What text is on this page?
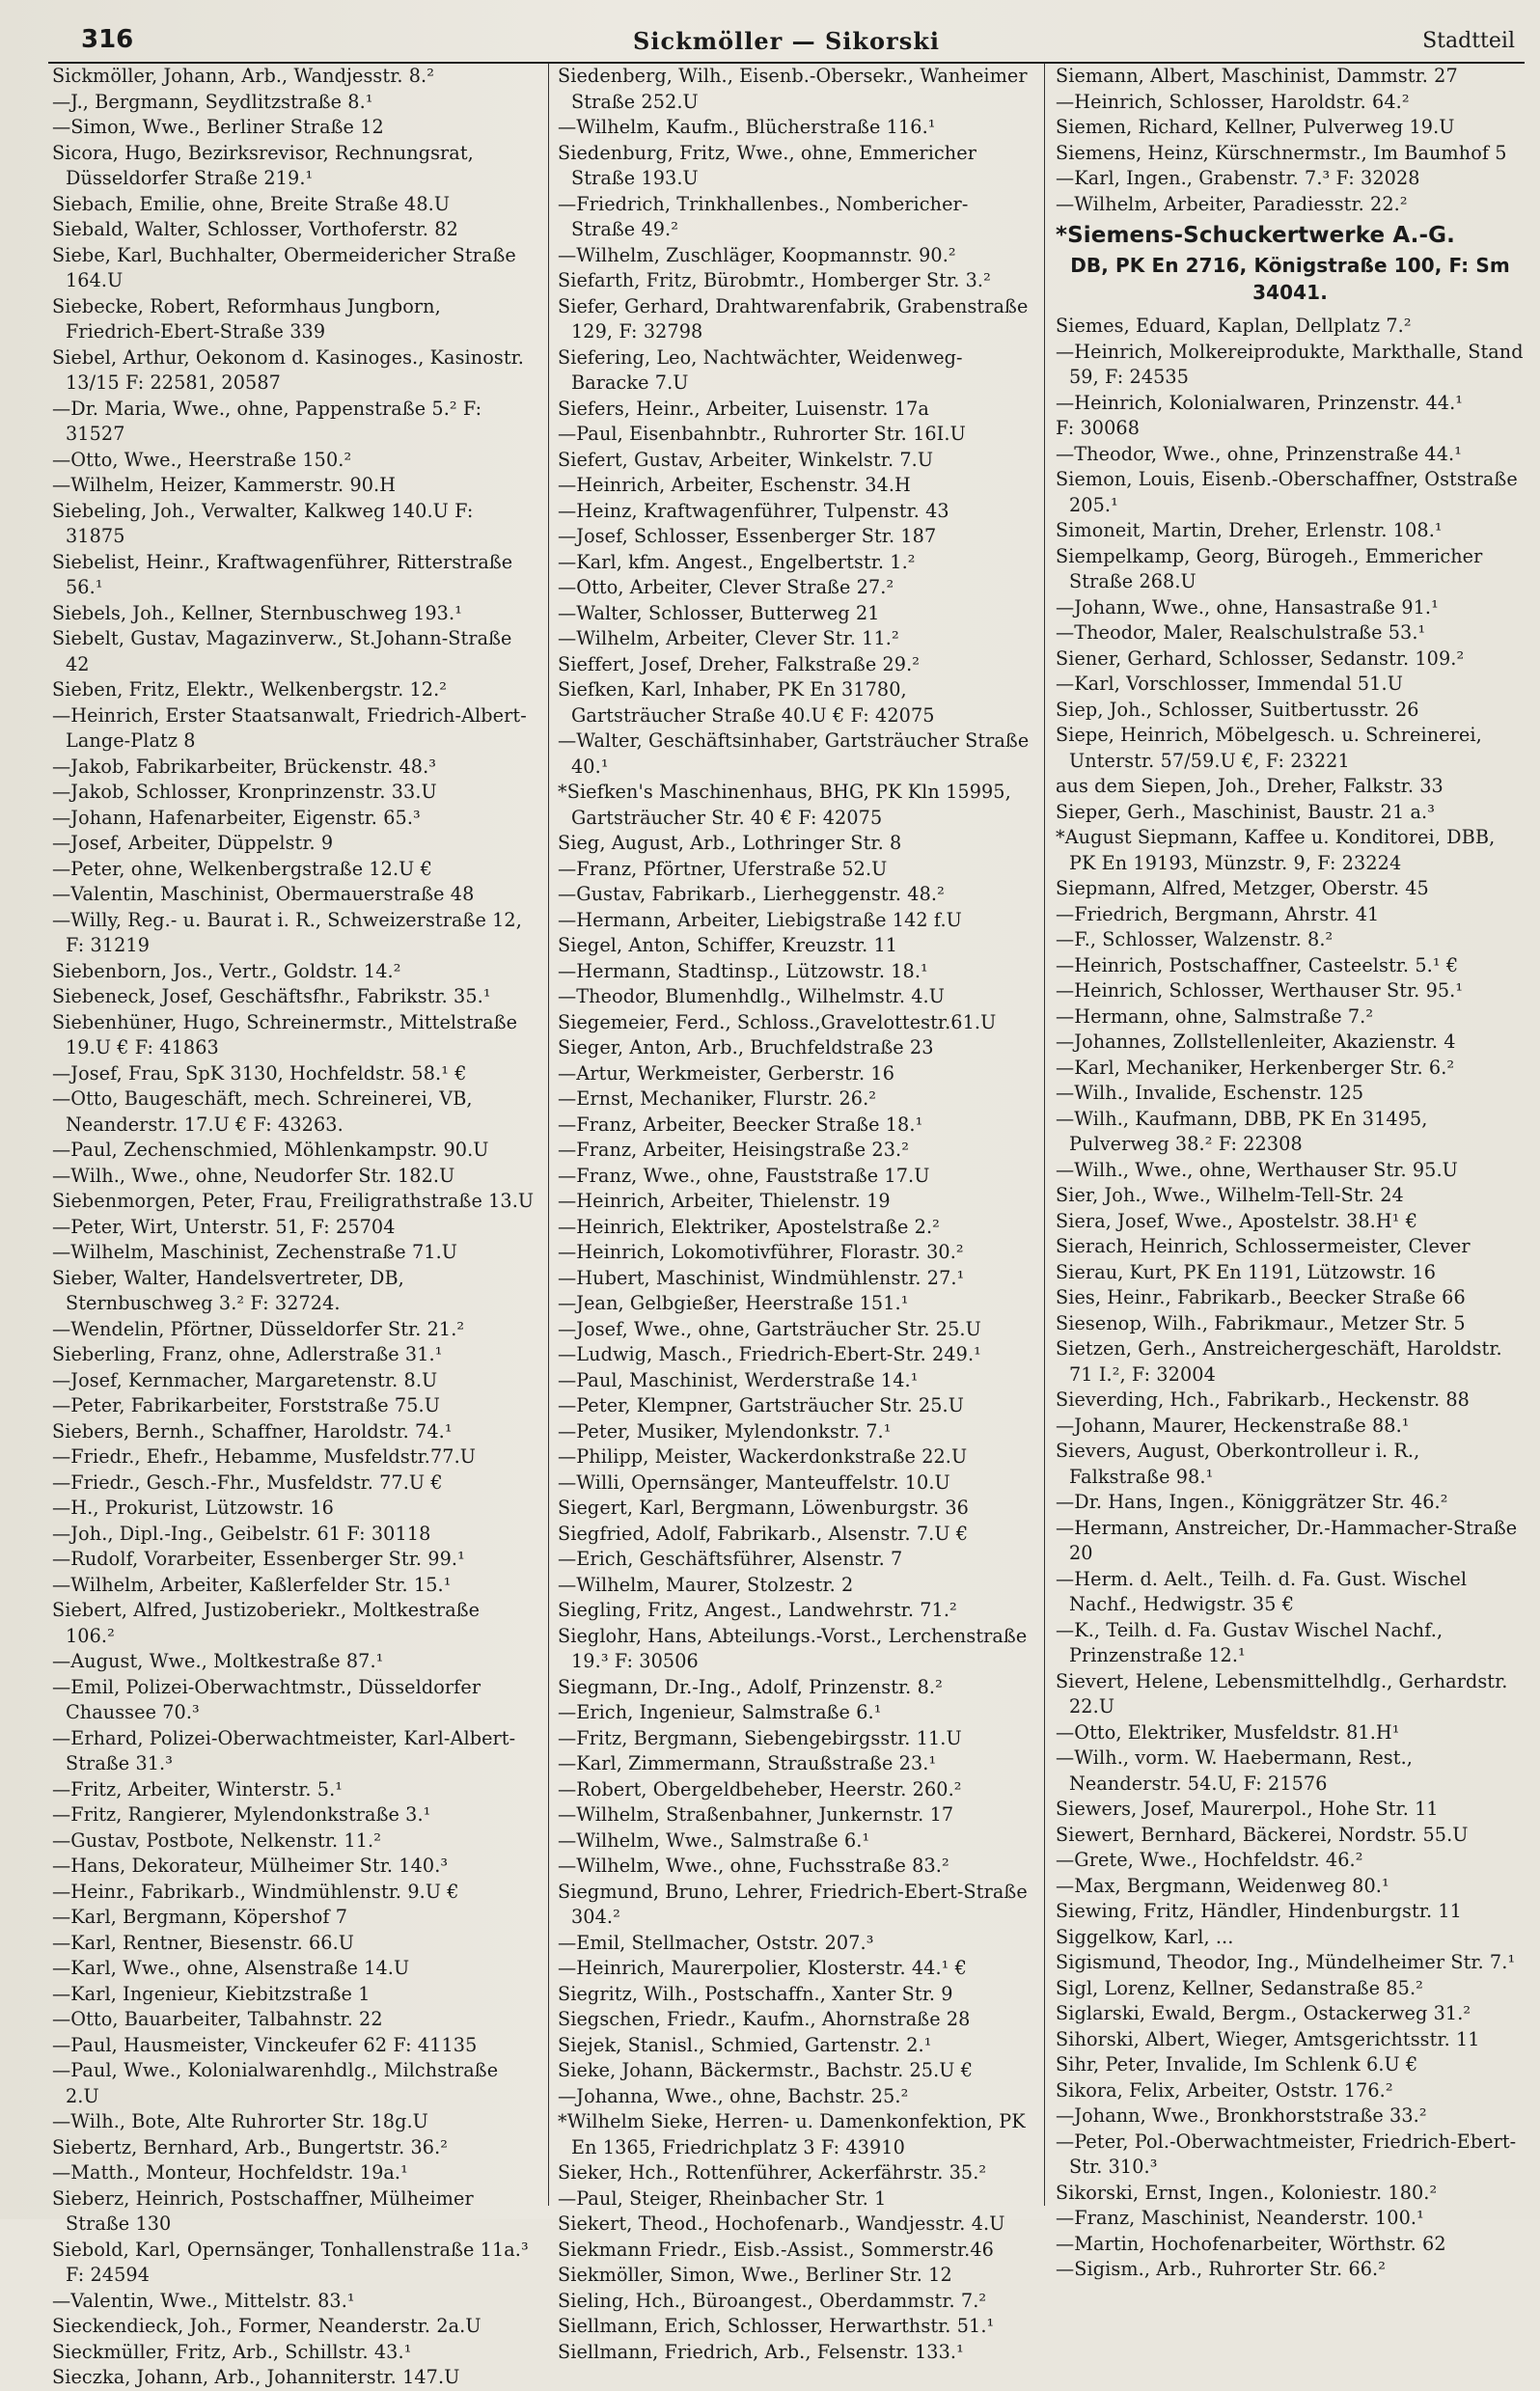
316	Sickmöller — Sikorski	Stadtteil
Sickmöller, Johann, Arb., Wandjesstr. 8.²
—J., Bergmann, Seydlitzstraße 8.¹
—Simon, Wwe., Berliner Straße 12
Sicora, Hugo, Bezirksrevisor, Rechnungsrat, Düsseldorfer Straße 219.¹
Siebach, Emilie, ohne, Breite Straße 48.U
Siebald, Walter, Schlosser, Vorthoferstr. 82
Siebe, Karl, Buchhalter, Obermeidericher Straße 164.U
Siebecke, Robert, Reformhaus Jungborn, Friedrich-Ebert-Straße 339
Siebel, Arthur, Oekonom d. Kasinoges., Kasinostr. 13/15 F: 22581, 20587
—Dr. Maria, Wwe., ohne, Pappenstraße 5.² F: 31527
—Otto, Wwe., Heerstraße 150.²
—Wilhelm, Heizer, Kammerstr. 90.H
Siebeling, Joh., Verwalter, Kalkweg 140.U F: 31875
Siebelist, Heinr., Kraftwagenführer, Ritterstraße 56.¹
Siebels, Joh., Kellner, Sternbuschweg 193.¹
Siebelt, Gustav, Magazinverw., St.Johann-Straße 42
Sieben, Fritz, Elektr., Welkenbergstr. 12.²
—Heinrich, Erster Staatsanwalt, Friedrich-Albert-Lange-Platz 8
—Jakob, Fabrikarbeiter, Brückenstr. 48.³
—Jakob, Schlosser, Kronprinzenstr. 33.U
—Johann, Hafenarbeiter, Eigenstr. 65.³
—Josef, Arbeiter, Düppelstr. 9
—Peter, ohne, Welkenbergstraße 12.U €
—Valentin, Maschinist, Obermauerstraße 48
—Willy, Reg.- u. Baurat i. R., Schweizerstraße 12, F: 31219
Siebenborn, Jos., Vertr., Goldstr. 14.²
Siebeneck, Josef, Geschäftsfhr., Fabrikstr. 35.¹
Siebenhüner, Hugo, Schreinermstr., Mittelstraße 19.U € F: 41863
—Josef, Frau, SpK 3130, Hochfeldstr. 58.¹ €
—Otto, Baugeschäft, mech. Schreinerei, VB, Neanderstr. 17.U € F: 43263.
—Paul, Zechenschmied, Möhlenkampstr. 90.U
—Wilh., Wwe., ohne, Neudorfer Str. 182.U
Siebenmorgen, Peter, Frau, Freiligrathstraße 13.U
—Peter, Wirt, Unterstr. 51, F: 25704
—Wilhelm, Maschinist, Zechenstraße 71.U
Sieber, Walter, Handelsvertreter, DB, Sternbuschweg 3.² F: 32724.
—Wendelin, Pförtner, Düsseldorfer Str. 21.²
Sieberling, Franz, ohne, Adlerstraße 31.¹
—Josef, Kernmacher, Margaretenstr. 8.U
—Peter, Fabrikarbeiter, Forststraße 75.U
Siebers, Bernh., Schaffner, Haroldstr. 74.¹
—Friedr., Ehefr., Hebamme, Musfeldstr.77.U
—Friedr., Gesch.-Fhr., Musfeldstr. 77.U €
—H., Prokurist, Lützowstr. 16
—Joh., Dipl.-Ing., Geibelstr. 61 F: 30118
—Rudolf, Vorarbeiter, Essenberger Str. 99.¹
—Wilhelm, Arbeiter, Kaßlerfelder Str. 15.¹
Siebert, Alfred, Justizoberiekr., Moltkestraße 106.²
—August, Wwe., Moltkestraße 87.¹
—Emil, Polizei-Oberwachtmstr., Düsseldorfer Chaussee 70.³
—Erhard, Polizei-Oberwachtmeister, Karl-Albert-Straße 31.³
—Fritz, Arbeiter, Winterstr. 5.¹
—Fritz, Rangierer, Mylendonkstraße 3.¹
—Gustav, Postbote, Nelkenstr. 11.²
—Hans, Dekorateur, Mülheimer Str. 140.³
—Heinr., Fabrikarb., Windmühlenstr. 9.U €
—Karl, Bergmann, Köpershof 7
—Karl, Rentner, Biesenstr. 66.U
—Karl, Wwe., ohne, Alsenstraße 14.U
—Karl, Ingenieur, Kiebitzstraße 1
—Otto, Bauarbeiter, Talbahnstr. 22
—Paul, Hausmeister, Vinckeufer 62 F: 41135
—Paul, Wwe., Kolonialwarenhdlg., Milchstraße 2.U
—Wilh., Bote, Alte Ruhrorter Str. 18g.U
Siebertz, Bernhard, Arb., Bungertstr. 36.²
—Matth., Monteur, Hochfeldstr. 19a.¹
Sieberz, Heinrich, Postschaffner, Mülheimer Straße 130
Siebold, Karl, Opernsänger, Tonhallenstraße 11a.³ F: 24594
—Valentin, Wwe., Mittelstr. 83.¹
Sieckendieck, Joh., Former, Neanderstr. 2a.U
Sieckmüller, Fritz, Arb., Schillstr. 43.¹
Sieczka, Johann, Arb., Johanniterstr. 147.U
Siedenberg, Wilh., Eisenb.-Obersekr., Wanheimer Straße 252.U
—Wilhelm, Kaufm., Blücherstraße 116.¹
Siedenburg, Fritz, Wwe., ohne, Emmericher Straße 193.U
—Friedrich, Trinkhallenbes., Nombericher-Straße 49.²
—Wilhelm, Zuschläger, Koopmannstr. 90.²
Siefarth, Fritz, Bürobmtr., Homberger Str. 3.²
Siefer, Gerhard, Drahtwarenfabrik, Grabenstraße 129, F: 32798
Siefering, Leo, Nachtwächter, Weidenweg-Baracke 7.U
Siefers, Heinr., Arbeiter, Luisenstr. 17a
—Paul, Eisenbahnbtr., Ruhrorter Str. 16I.U
Siefert, Gustav, Arbeiter, Winkelstr. 7.U
—Heinrich, Arbeiter, Eschenstr. 34.H
—Heinz, Kraftwagenführer, Tulpenstr. 43
—Josef, Schlosser, Essenberger Str. 187
—Karl, kfm. Angest., Engelbertstr. 1.²
—Otto, Arbeiter, Clever Straße 27.²
—Walter, Schlosser, Butterweg 21
—Wilhelm, Arbeiter, Clever Str. 11.²
Sieffert, Josef, Dreher, Falkstraße 29.²
Siefken, Karl, Inhaber, PK En 31780, Gartsträucher Straße 40.U € F: 42075
—Walter, Geschäftsinhaber, Gartsträucher Straße 40.¹
*Siefken's Maschinenhaus, BHG, PK Kln 15995, Gartsträucher Str. 40 € F: 42075
Sieg, August, Arb., Lothringer Str. 8
—Franz, Pförtner, Uferstraße 52.U
—Gustav, Fabrikarb., Lierheggenstr. 48.²
—Hermann, Arbeiter, Liebigstraße 142 f.U
Siegel, Anton, Schiffer, Kreuzstr. 11
—Hermann, Stadtinsp., Lützowstr. 18.¹
—Theodor, Blumenhdlg., Wilhelmstr. 4.U
Siegemeier, Ferd., Schloss.,Gravelottestr.61.U
Sieger, Anton, Arb., Bruchfeldstraße 23
—Artur, Werkmeister, Gerberstr. 16
—Ernst, Mechaniker, Flurstr. 26.²
—Franz, Arbeiter, Beecker Straße 18.¹
—Franz, Arbeiter, Heisingstraße 23.²
—Franz, Wwe., ohne, Fauststraße 17.U
—Heinrich, Arbeiter, Thielenstr. 19
—Heinrich, Elektriker, Apostelstraße 2.²
—Heinrich, Lokomotivführer, Florastr. 30.²
—Hubert, Maschinist, Windmühlenstr. 27.¹
—Jean, Gelbgießer, Heerstraße 151.¹
—Josef, Wwe., ohne, Gartsträucher Str. 25.U
—Ludwig, Masch., Friedrich-Ebert-Str. 249.¹
—Paul, Maschinist, Werderstraße 14.¹
—Peter, Klempner, Gartsträucher Str. 25.U
—Peter, Musiker, Mylendonkstr. 7.¹
—Philipp, Meister, Wackerdonkstraße 22.U
—Willi, Opernsänger, Manteuffelstr. 10.U
Siegert, Karl, Bergmann, Löwenburgstr. 36
Siegfried, Adolf, Fabrikarb., Alsenstr. 7.U €
—Erich, Geschäftsführer, Alsenstr. 7
—Wilhelm, Maurer, Stolzestr. 2
Siegling, Fritz, Angest., Landwehrstr. 71.²
Sieglohr, Hans, Abteilungs.-Vorst., Lerchenstraße 19.³ F: 30506
Siegmann, Dr.-Ing., Adolf, Prinzenstr. 8.²
—Erich, Ingenieur, Salmstraße 6.¹
—Fritz, Bergmann, Siebengebirgsstr. 11.U
—Karl, Zimmermann, Straußstraße 23.¹
—Robert, Obergeldbeheber, Heerstr. 260.²
—Wilhelm, Straßenbahner, Junkernstr. 17
—Wilhelm, Wwe., Salmstraße 6.¹
—Wilhelm, Wwe., ohne, Fuchsstraße 83.²
Siegmund, Bruno, Lehrer, Friedrich-Ebert-Straße 304.²
—Emil, Stellmacher, Oststr. 207.³
—Heinrich, Maurerpolier, Klosterstr. 44.¹ €
Siegritz, Wilh., Postschaffn., Xanter Str. 9
Siegschen, Friedr., Kaufm., Ahornstraße 28
Siejek, Stanisl., Schmied, Gartenstr. 2.¹
Sieke, Johann, Bäckermstr., Bachstr. 25.U €
—Johanna, Wwe., ohne, Bachstr. 25.²
*Wilhelm Sieke, Herren- u. Damenkonfektion, PK En 1365, Friedrichplatz 3 F: 43910
Sieker, Hch., Rottenführer, Ackerfährstr. 35.²
—Paul, Steiger, Rheinbacher Str. 1
Siekert, Theod., Hochofenarb., Wandjesstr. 4.U
Siekmann Friedr., Eisb.-Assist., Sommerstr.46
Siekmöller, Simon, Wwe., Berliner Str. 12
Sieling, Hch., Büroangest., Oberdammstr. 7.²
Siellmann, Erich, Schlosser, Herwarthstr. 51.¹
Siellmann, Friedrich, Arb., Felsenstr. 133.¹
Siemann, Albert, Maschinist, Dammstr. 27
—Heinrich, Schlosser, Haroldstr. 64.²
Siemen, Richard, Kellner, Pulverweg 19.U
Siemens, Heinz, Kürschnermstr., Im Baumhof 5
—Karl, Ingen., Grabenstr. 7.³ F: 32028
—Wilhelm, Arbeiter, Paradiesstr. 22.²
*Siemens-Schuckertwerke A.-G.
DB, PK En 2716, Königstraße 100, F: Sm 34041.
Siemes, Eduard, Kaplan, Dellplatz 7.²
—Heinrich, Molkereiprodukte, Markthalle, Stand 59, F: 24535
—Heinrich, Kolonialwaren, Prinzenstr. 44.¹
F: 30068
—Theodor, Wwe., ohne, Prinzenstraße 44.¹
Siemon, Louis, Eisenb.-Oberschaffner, Oststraße 205.¹
Simoneit, Martin, Dreher, Erlenstr. 108.¹
Siempelkamp, Georg, Bürogeh., Emmericher Straße 268.U
—Johann, Wwe., ohne, Hansastraße 91.¹
—Theodor, Maler, Realschulstraße 53.¹
Siener, Gerhard, Schlosser, Sedanstr. 109.²
—Karl, Vorschlosser, Immendal 51.U
Siep, Joh., Schlosser, Suitbertusstr. 26
Siepe, Heinrich, Möbelgesch. u. Schreinerei, Unterstr. 57/59.U €, F: 23221
aus dem Siepen, Joh., Dreher, Falkstr. 33
Sieper, Gerh., Maschinist, Baustr. 21 a.³
*August Siepmann, Kaffee u. Konditorei, DBB, PK En 19193, Münzstr. 9, F: 23224
Siepmann, Alfred, Metzger, Oberstr. 45
—Friedrich, Bergmann, Ahrstr. 41
—F., Schlosser, Walzenstr. 8.²
—Heinrich, Postschaffner, Casteelstr. 5.¹ €
—Heinrich, Schlosser, Werthauser Str. 95.¹
—Hermann, ohne, Salmstraße 7.²
—Johannes, Zollstellenleiter, Akazienstr. 4
—Karl, Mechaniker, Herkenberger Str. 6.²
—Wilh., Invalide, Eschenstr. 125
—Wilh., Kaufmann, DBB, PK En 31495, Pulverweg 38.² F: 22308
—Wilh., Wwe., ohne, Werthauser Str. 95.U
Sier, Joh., Wwe., Wilhelm-Tell-Str. 24
Siera, Josef, Wwe., Apostelstr. 38.H¹ €
Sierach, Heinrich, Schlossermeister, Clever
Sierau, Kurt, PK En 1191, Lützowstr. 16
Sies, Heinr., Fabrikarb., Beecker Straße 66
Siesenop, Wilh., Fabrikmaur., Metzer Str. 5
Sietzen, Gerh., Anstreichergeschäft, Haroldstr. 71 I.², F: 32004
Sieverding, Hch., Fabrikarb., Heckenstr. 88
—Johann, Maurer, Heckenstraße 88.¹
Sievers, August, Oberkontrolleur i. R., Falkstraße 98.¹
—Dr. Hans, Ingen., Königgrätzer Str. 46.²
—Hermann, Anstreicher, Dr.-Hammacher-Straße 20
—Herm. d. Aelt., Teilh. d. Fa. Gust. Wischel Nachf., Hedwigstr. 35 €
—K., Teilh. d. Fa. Gustav Wischel Nachf., Prinzenstraße 12.¹
Sievert, Helene, Lebensmittelhdlg., Gerhardstr. 22.U
—Otto, Elektriker, Musfeldstr. 81.H¹
—Wilh., vorm. W. Haebermann, Rest., Neanderstr. 54.U, F: 21576
Siewers, Josef, Maurerpol., Hohe Str. 11
Siewert, Bernhard, Bäckerei, Nordstr. 55.U
—Grete, Wwe., Hochfeldstr. 46.²
—Max, Bergmann, Weidenweg 80.¹
Siewing, Fritz, Händler, Hindenburgstr. 11
Siggelkow, Karl, ...
Sigismund, Theodor, Ing., Mündelheimer Str. 7.¹
Sigl, Lorenz, Kellner, Sedanstraße 85.²
Siglarski, Ewald, Bergm., Ostackerweg 31.²
Sihorski, Albert, Wieger, Amtsgerichtsstr. 11
Sihr, Peter, Invalide, Im Schlenk 6.U €
Sikora, Felix, Arbeiter, Oststr. 176.²
—Johann, Wwe., Bronkhorststraße 33.²
—Peter, Pol.-Oberwachtmeister, Friedrich-Ebert-Str. 310.³
Sikorski, Ernst, Ingen., Koloniestr. 180.²
—Franz, Maschinist, Neanderstr. 100.¹
—Martin, Hochofenarbeiter, Wörthstr. 62
—Sigism., Arb., Ruhrorter Str. 66.²
